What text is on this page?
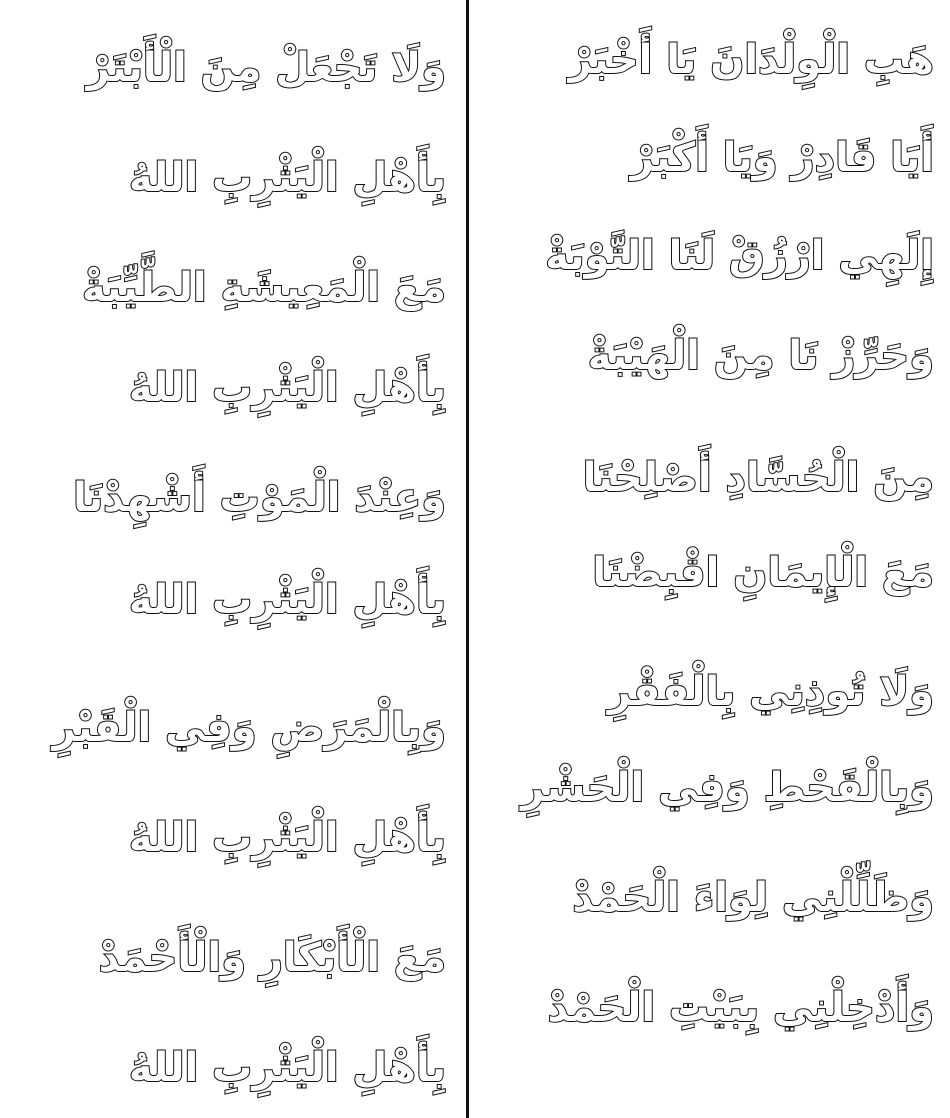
هَبِ الْوِلْدَانَ يَا أَخْبَرْ
أَيَا قَادِرْ وَيَا أَكْبَرْ
إِلَهِي ارْزُقْ لَنَا التَّوْبَةْ
وَحَرِّزْ نَا مِنَ الْهَيْبَةْ
مِنَ الْحُسَّادِ أَصْلِحْنَا
مَعَ الْإِيمَانِ اقْبِضْنَا
وَلَا تُوذِنِي بِالْفَقْرِ
وَبِالْقَحْطِ وَفِي الْحَشْرِ
وَظَلِّلْنِي لِوَاءَ الْحَمْدْ
وَأَدْخِلْنِي بِبَيْتِ الْحَمْدْ
وَلَا تَجْعَلْ مِنَ الْأَبْتَرْ
بِأَهْلِ الْيَثْرِبِ اللهُ
مَعَ الْمَعِيشَةِ الطَّيِّبَةْ
بِأَهْلِ الْيَثْرِبِ اللهُ
وَعِنْدَ الْمَوْتِ أَشْهِدْنَا
بِأَهْلِ الْيَثْرِبِ اللهُ
وَبِالْمَرَضِ وَفِي الْقَبْرِ
بِأَهْلِ الْيَثْرِبِ اللهُ
مَعَ الْأَبْكَارِ وَالْأَحْمَدْ
بِأَهْلِ الْيَثْرِبِ اللهُ
